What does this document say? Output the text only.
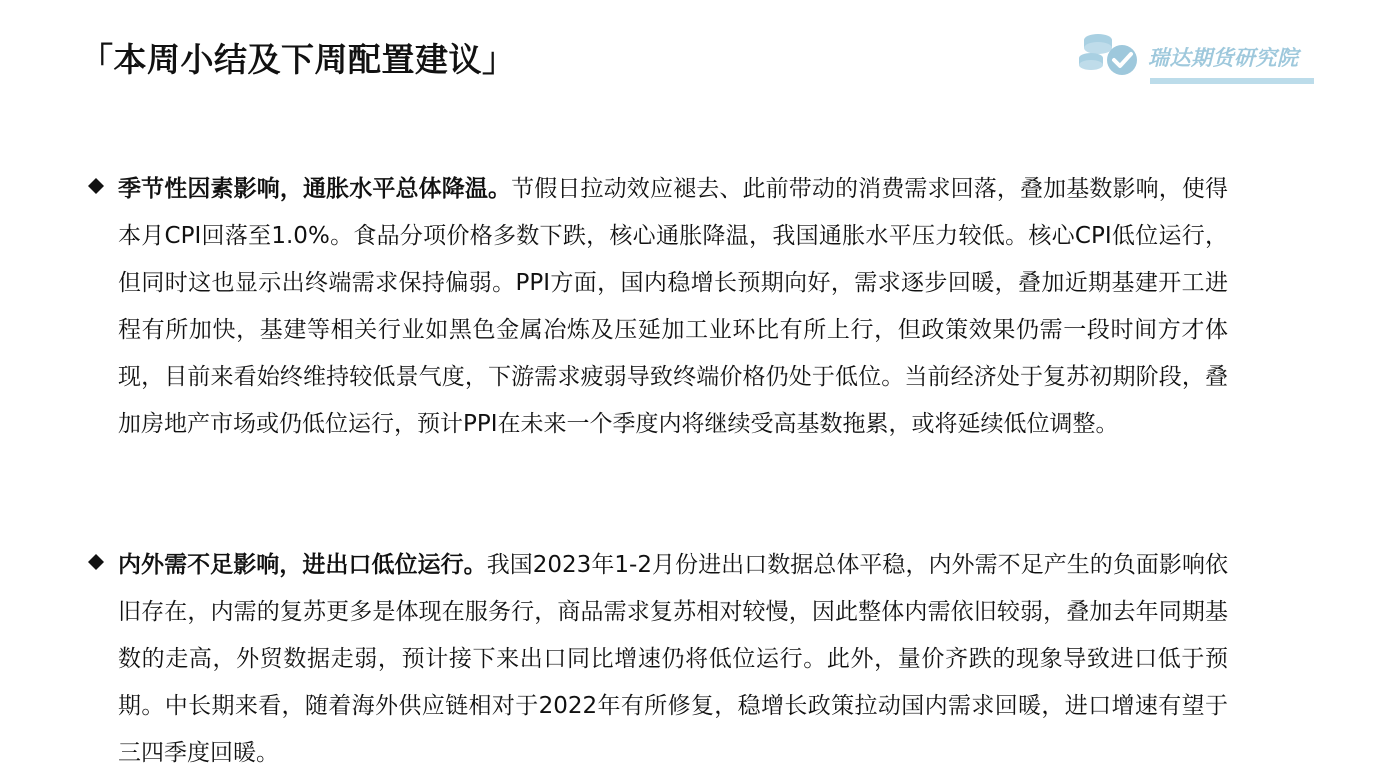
「本周小结及下周配置建议」	瑞达期货研究院
季节性因素影响，通胀水平总体降温。节假日拉动效应褪去、此前带动的消费需求回落，叠加基数影响，使得本月CPI回落至1.0%。食品分项价格多数下跌，核心通胀降温，我国通胀水平压力较低。核心CPI低位运行，但同时这也显示出终端需求保持偏弱。PPI方面，国内稳增长预期向好，需求逐步回暖，叠加近期基建开工进程有所加快，基建等相关行业如黑色金属冶炼及压延加工业环比有所上行，但政策效果仍需一段时间方才体现，目前来看始终维持较低景气度，下游需求疲弱导致终端价格仍处于低位。当前经济处于复苏初期阶段，叠加房地产市场或仍低位运行，预计PPI在未来一个季度内将继续受高基数拖累，或将延续低位调整。
内外需不足影响，进出口低位运行。我国2023年1-2月份进出口数据总体平稳，内外需不足产生的负面影响依旧存在，内需的复苏更多是体现在服务行，商品需求复苏相对较慢，因此整体内需依旧较弱，叠加去年同期基数的走高，外贸数据走弱，预计接下来出口同比增速仍将低位运行。此外，量价齐跌的现象导致进口低于预期。中长期来看，随着海外供应链相对于2022年有所修复，稳增长政策拉动国内需求回暖，进口增速有望于三四季度回暖。
